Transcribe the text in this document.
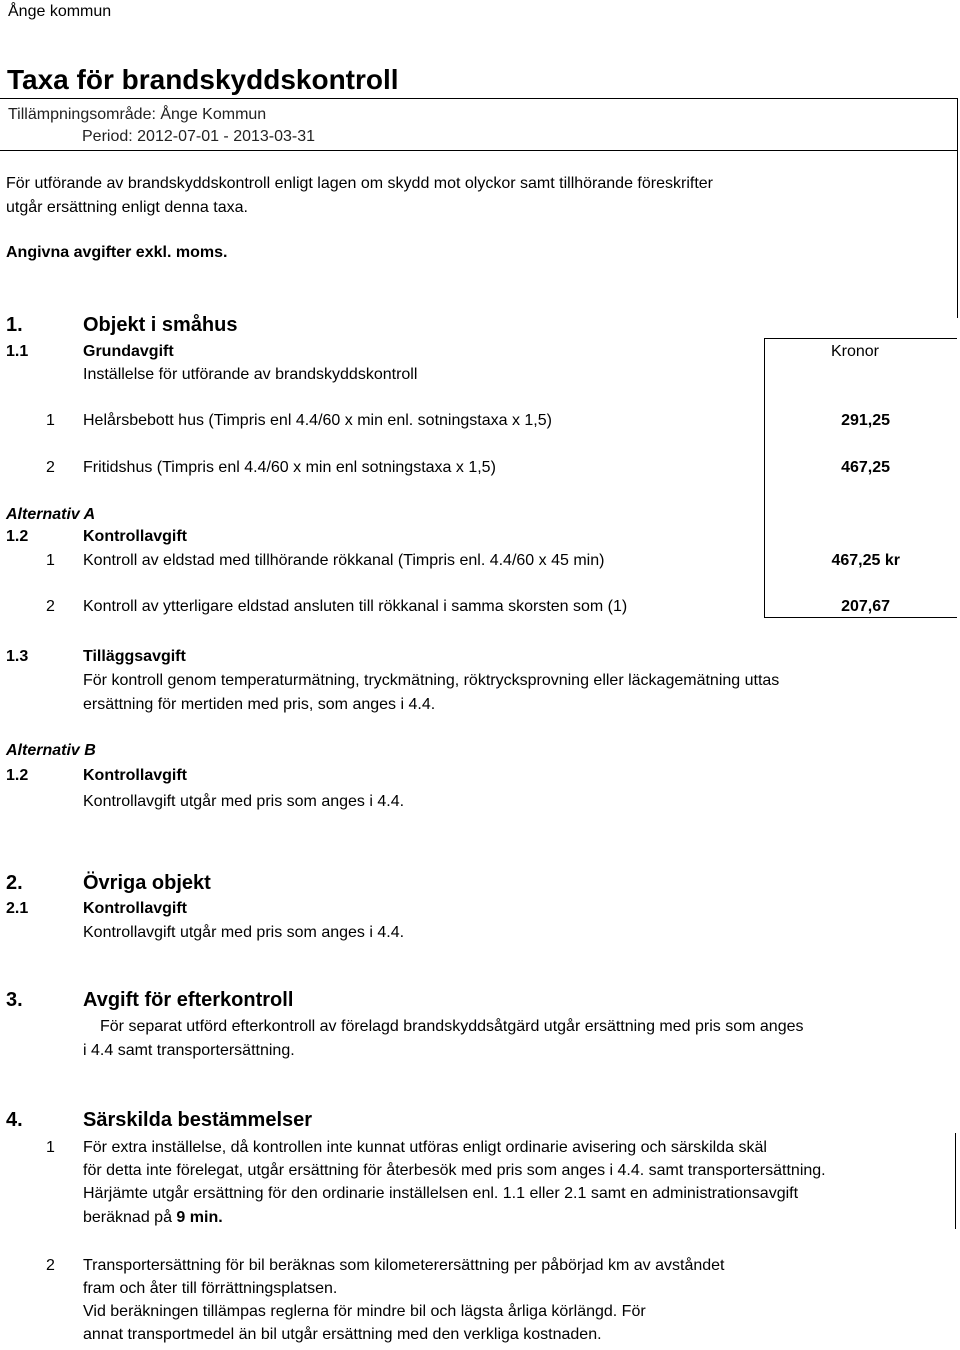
Ånge kommun
Taxa för brandskyddskontroll
Tillämpningsområde: Ånge Kommun
Period: 2012-07-01 - 2013-03-31
För utförande av brandskyddskontroll enligt lagen om skydd mot olyckor samt tillhörande föreskrifter
utgår ersättning enligt denna taxa.
Angivna avgifter exkl. moms.
1.	Objekt i småhus
1.1	Grundavgift
Inställelse för utförande av brandskyddskontroll
Kronor
1 Helårsbebott hus (Timpris enl 4.4/60 x min enl. sotningstaxa x 1,5)	291,25
2 Fritidshus (Timpris enl 4.4/60 x min enl sotningstaxa x 1,5)	467,25
Alternativ A
1.2	Kontrollavgift
1 Kontroll av eldstad med tillhörande rökkanal (Timpris enl. 4.4/60 x 45 min)	467,25 kr
2 Kontroll av ytterligare eldstad ansluten till rökkanal i samma skorsten som (1)	207,67
1.3	Tilläggsavgift
För kontroll genom temperaturmätning, tryckmätning, röktrycksprovning eller läckagemätning uttas
ersättning för mertiden med pris, som anges i 4.4.
Alternativ B
1.2	Kontrollavgift
Kontrollavgift utgår med pris som anges i 4.4.
2.	Övriga objekt
2.1	Kontrollavgift
Kontrollavgift utgår med pris som anges i 4.4.
3.	Avgift för efterkontroll
För separat utförd efterkontroll av förelagd brandskyddsåtgärd utgår ersättning med pris som anges
i 4.4 samt transportersättning.
4.	Särskilda bestämmelser
1 För extra inställelse, då kontrollen inte kunnat utföras enligt ordinarie avisering och särskilda skäl
för detta inte förelegat, utgår ersättning för återbesök med pris som anges i 4.4. samt transportersättning.
Härjämte utgår ersättning för den ordinarie inställelsen enl. 1.1 eller 2.1 samt en administrationsavgift
beräknad på 9 min.
2 Transportersättning för bil beräknas som kilometerersättning per påbörjad km av avståndet
fram och åter till förrättningsplatsen.
Vid beräkningen tillämpas reglerna för mindre bil och lägsta årliga körlängd. För
annat transportmedel än bil utgår ersättning med den verkliga kostnaden.
